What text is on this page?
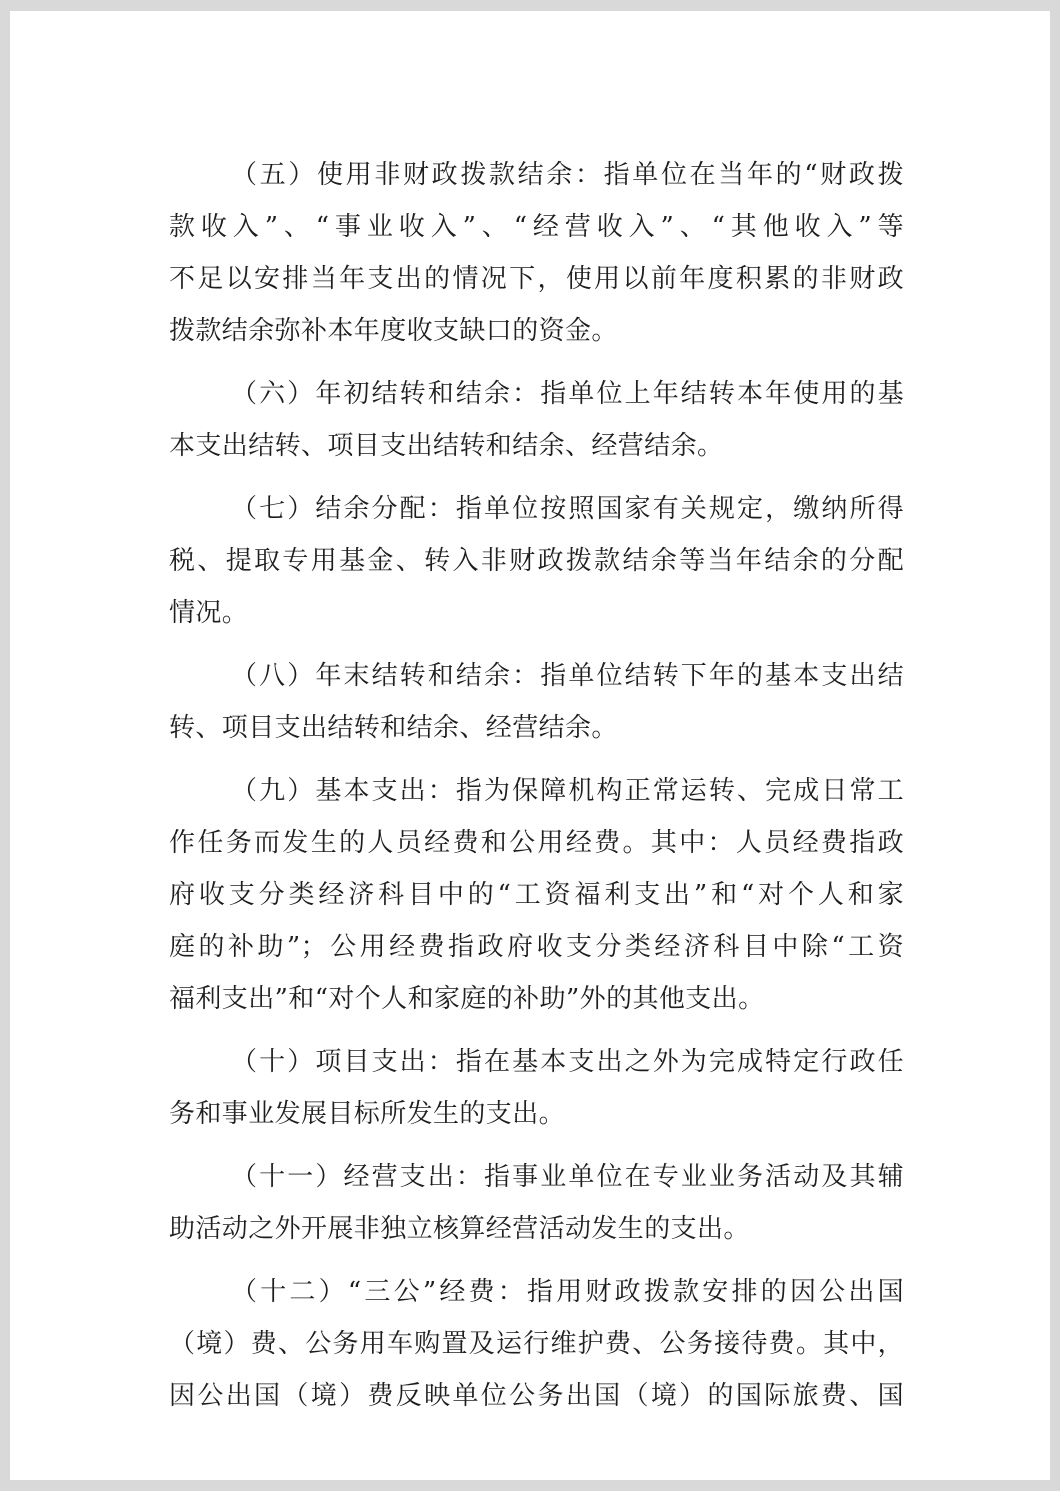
（五）使用非财政拨款结余：指单位在当年的“财政拨
款收入”、“事业收入”、“经营收入”、“其他收入”等
不足以安排当年支出的情况下，使用以前年度积累的非财政
拨款结余弥补本年度收支缺口的资金。

（六）年初结转和结余：指单位上年结转本年使用的基
本支出结转、项目支出结转和结余、经营结余。

（七）结余分配：指单位按照国家有关规定，缴纳所得
税、提取专用基金、转入非财政拨款结余等当年结余的分配
情况。

（八）年末结转和结余：指单位结转下年的基本支出结
转、项目支出结转和结余、经营结余。

（九）基本支出：指为保障机构正常运转、完成日常工
作任务而发生的人员经费和公用经费。其中：人员经费指政
府收支分类经济科目中的“工资福利支出”和“对个人和家
庭的补助”；公用经费指政府收支分类经济科目中除“工资
福利支出”和“对个人和家庭的补助”外的其他支出。

（十）项目支出：指在基本支出之外为完成特定行政任
务和事业发展目标所发生的支出。

（十一）经营支出：指事业单位在专业业务活动及其辅
助活动之外开展非独立核算经营活动发生的支出。

（十二）“三公”经费：指用财政拨款安排的因公出国
（境）费、公务用车购置及运行维护费、公务接待费。其中，
因公出国（境）费反映单位公务出国（境）的国际旅费、国
